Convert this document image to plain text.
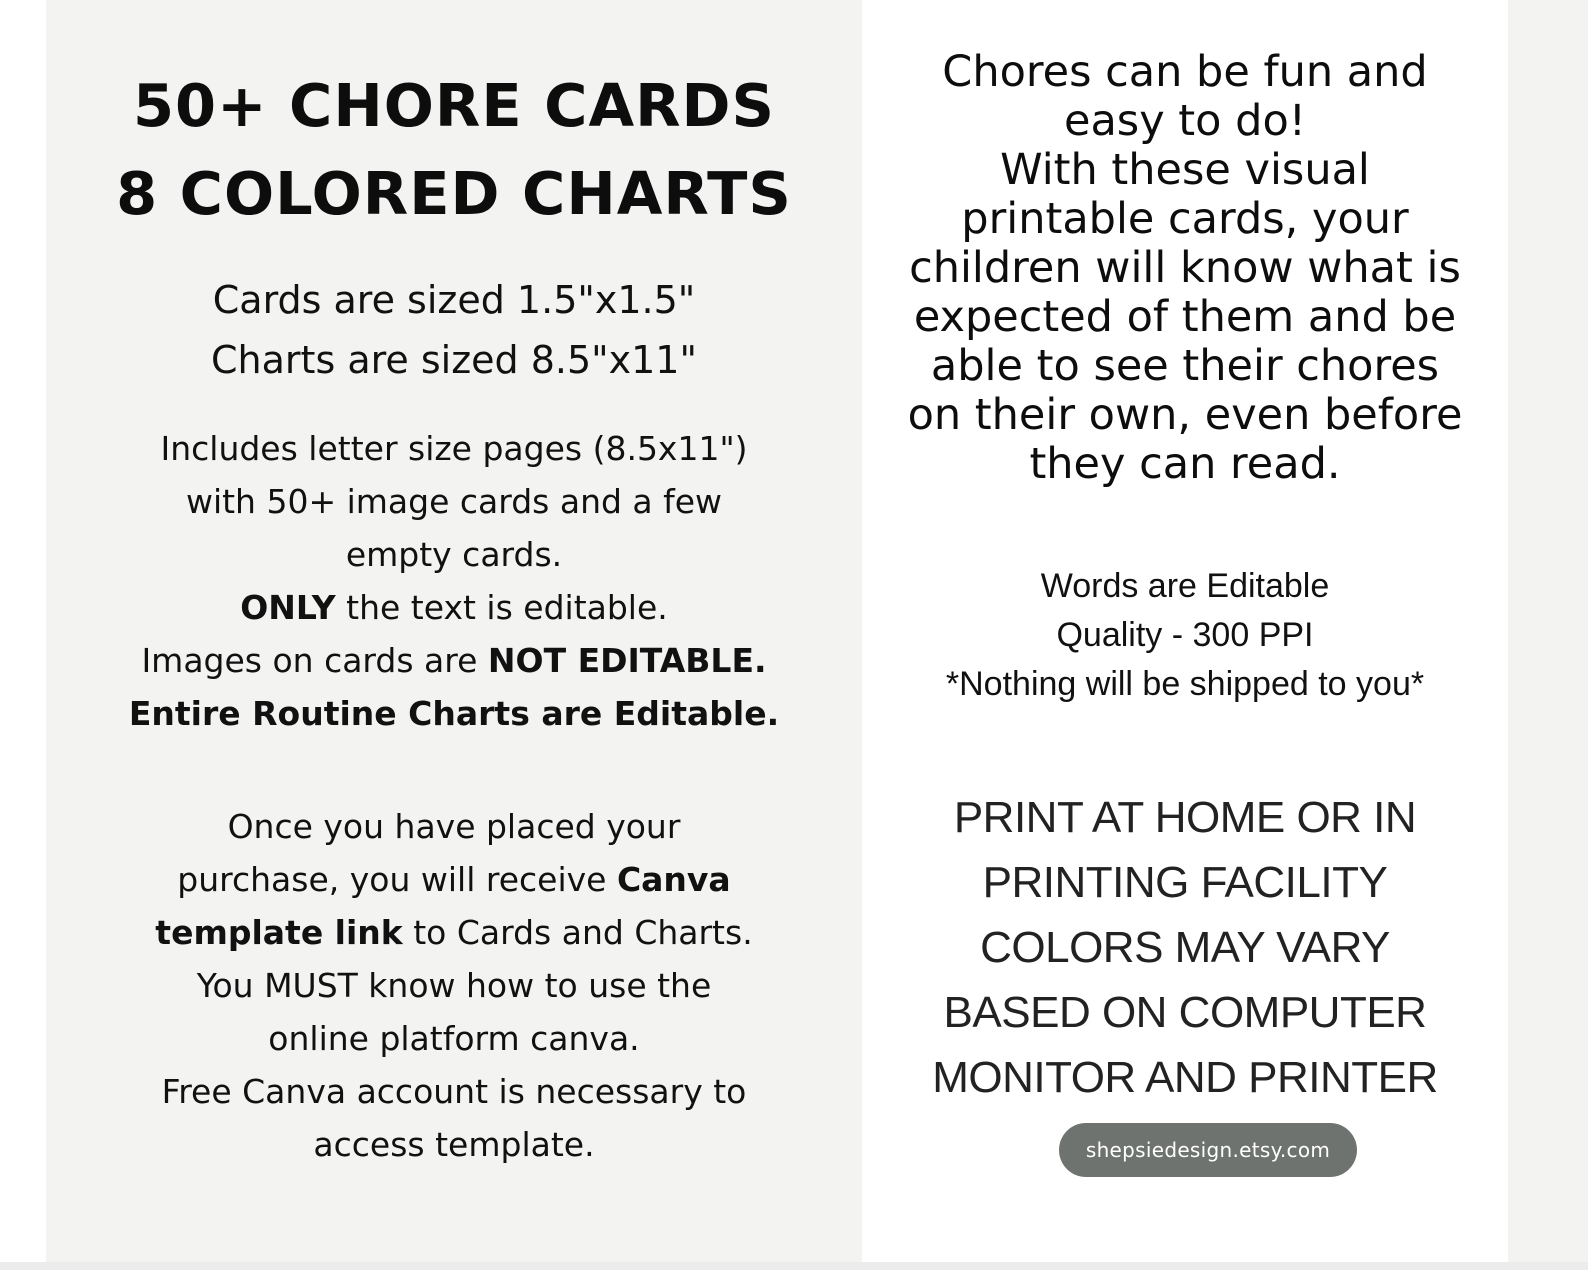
50+ CHORE CARDS
8 COLORED CHARTS
Cards are sized 1.5"x1.5"
Charts are sized 8.5"x11"
Includes letter size pages (8.5x11")
with 50+ image cards and a few
empty cards.
ONLY the text is editable.
Images on cards are NOT EDITABLE.
Entire Routine Charts are Editable.
Once you have placed your
purchase, you will receive Canva
template link to Cards and Charts.
You MUST know how to use the
online platform canva.
Free Canva account is necessary to
access template.
Chores can be fun and
easy to do!
With these visual
printable cards, your
children will know what is
expected of them and be
able to see their chores
on their own, even before
they can read.
Words are Editable
Quality - 300 PPI
*Nothing will be shipped to you*
PRINT AT HOME OR IN
PRINTING FACILITY
COLORS MAY VARY
BASED ON COMPUTER
MONITOR AND PRINTER
shepsiedesign.etsy.com
